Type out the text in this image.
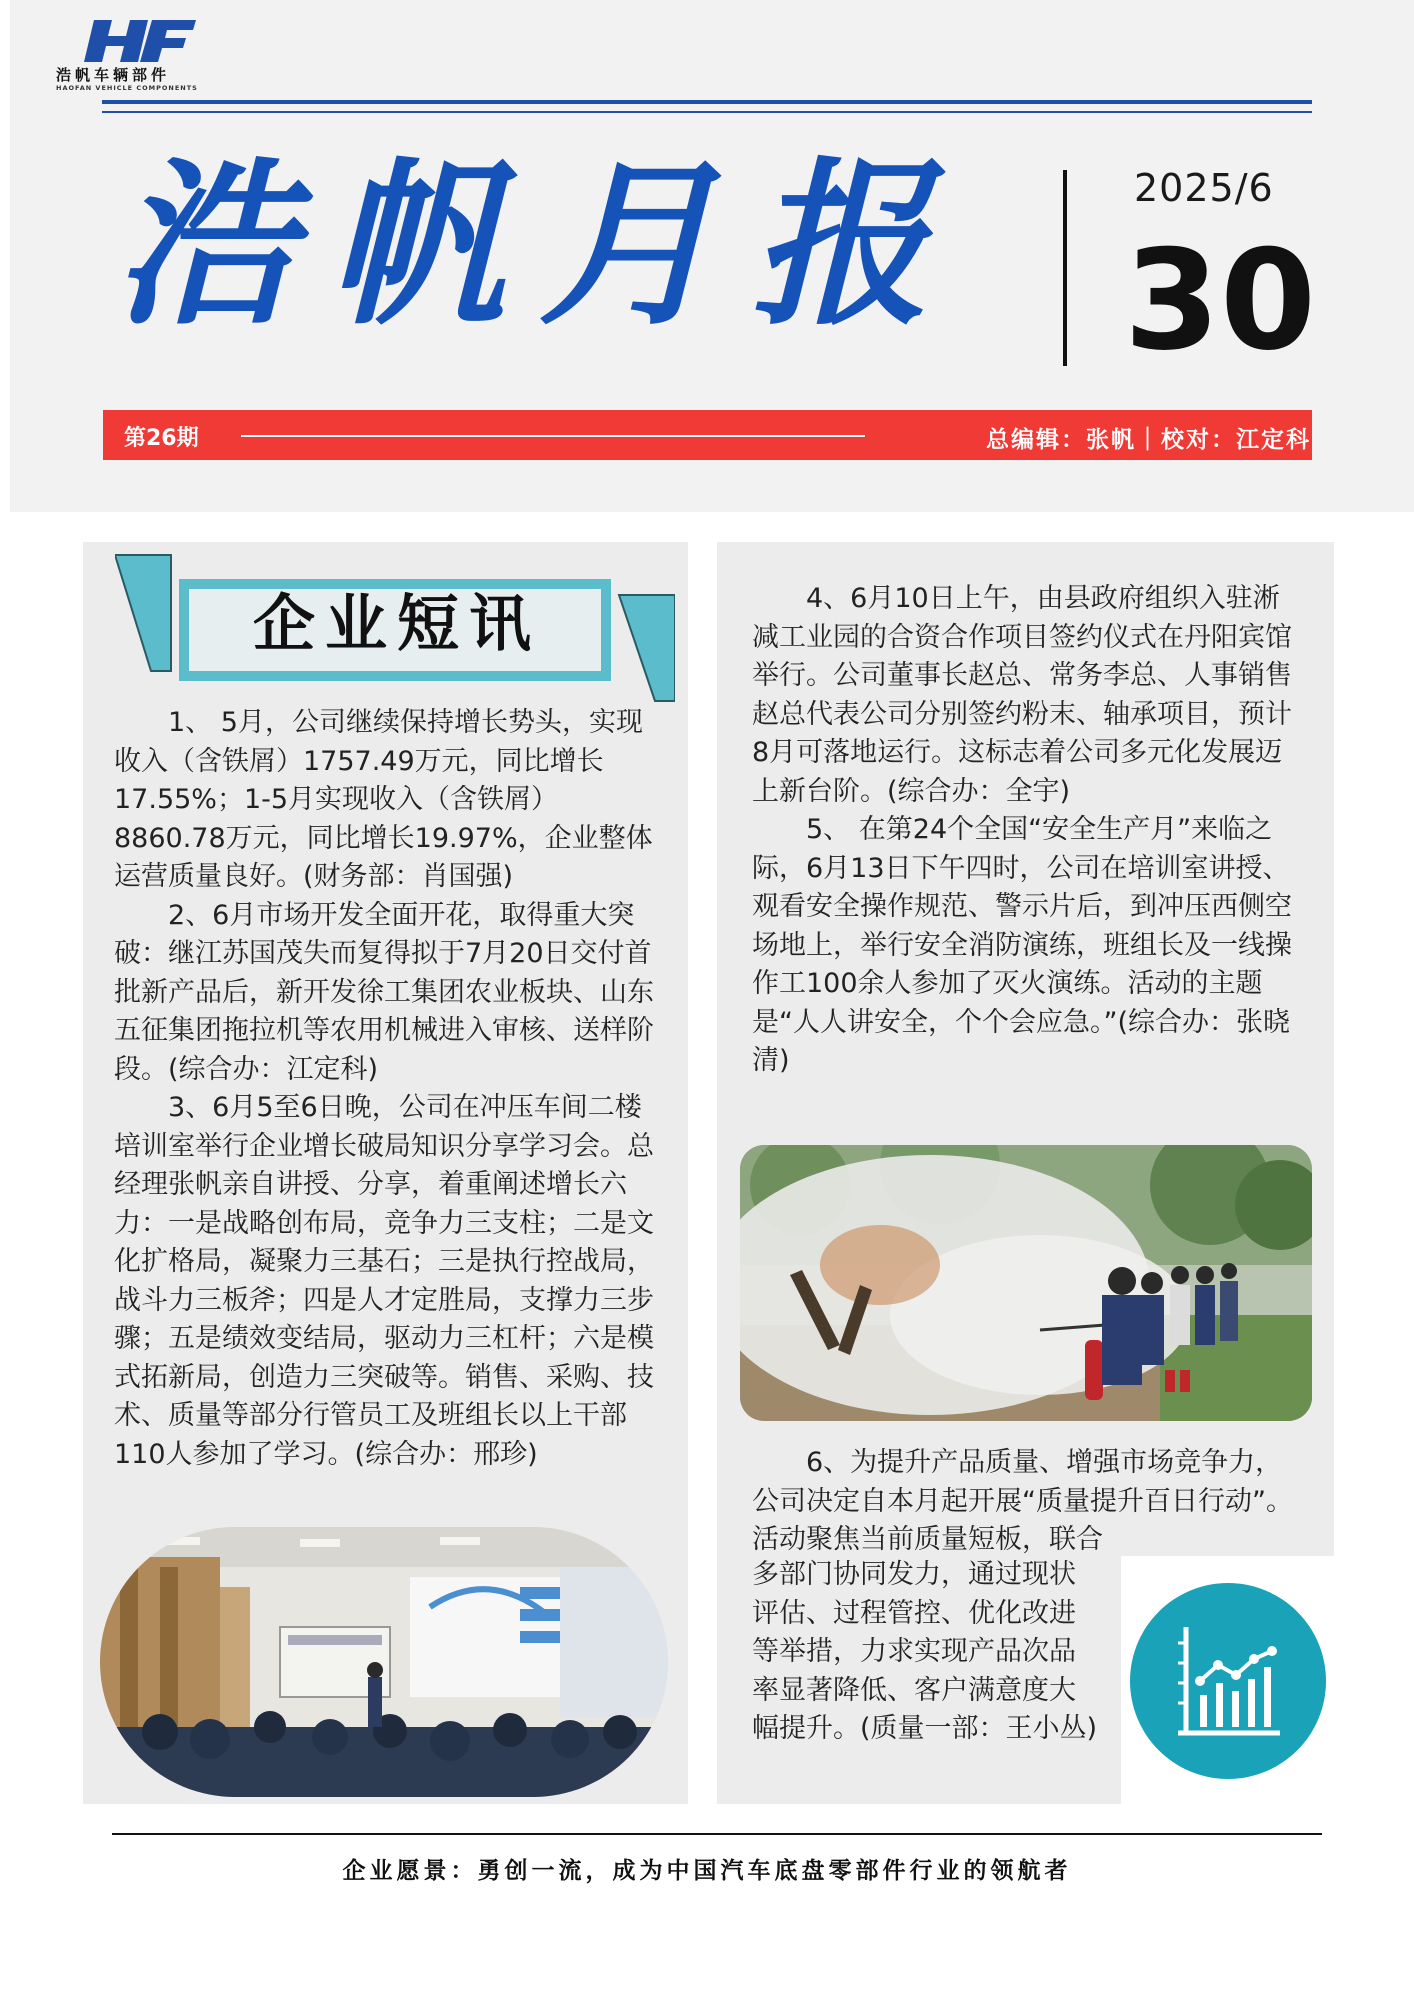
浩帆车辆部件
HAOFAN VEHICLE COMPONENTS
浩帆月报	2025/6
30
第26期	总编辑：张帆｜校对：江定科
企业短讯

1、 5月，公司继续保持增长势头，实现收入（含铁屑）1757.49万元，同比增长17.55%；1-5月实现收入（含铁屑）8860.78万元，同比增长19.97%，企业整体运营质量良好。(财务部：肖国强)

2、6月市场开发全面开花，取得重大突破：继江苏国茂失而复得拟于7月20日交付首批新产品后，新开发徐工集团农业板块、山东五征集团拖拉机等农用机械进入审核、送样阶段。(综合办：江定科)

3、6月5至6日晚，公司在冲压车间二楼培训室举行企业增长破局知识分享学习会。总经理张帆亲自讲授、分享，着重阐述增长六力：一是战略创布局，竞争力三支柱；二是文化扩格局，凝聚力三基石；三是执行控战局，战斗力三板斧；四是人才定胜局，支撑力三步骤；五是绩效变结局，驱动力三杠杆；六是模式拓新局，创造力三突破等。销售、采购、技术、质量等部分行管员工及班组长以上干部110人参加了学习。(综合办：邢珍)

4、6月10日上午，由县政府组织入驻淅减工业园的合资合作项目签约仪式在丹阳宾馆举行。公司董事长赵总、常务李总、人事销售赵总代表公司分别签约粉末、轴承项目，预计8月可落地运行。这标志着公司多元化发展迈上新台阶。(综合办：全宇)

5、 在第24个全国“安全生产月”来临之际，6月13日下午四时，公司在培训室讲授、观看安全操作规范、警示片后，到冲压西侧空场地上，举行安全消防演练，班组长及一线操作工100余人参加了灭火演练。活动的主题是“人人讲安全，个个会应急。”(综合办：张晓清)

6、为提升产品质量、增强市场竞争力，公司决定自本月起开展“质量提升百日行动”。活动聚焦当前质量短板，联合

多部门协同发力，通过现状评估、过程管控、优化改进等举措，力求实现产品次品率显著降低、客户满意度大幅提升。(质量一部：王小丛)

企业愿景：勇创一流，成为中国汽车底盘零部件行业的领航者
